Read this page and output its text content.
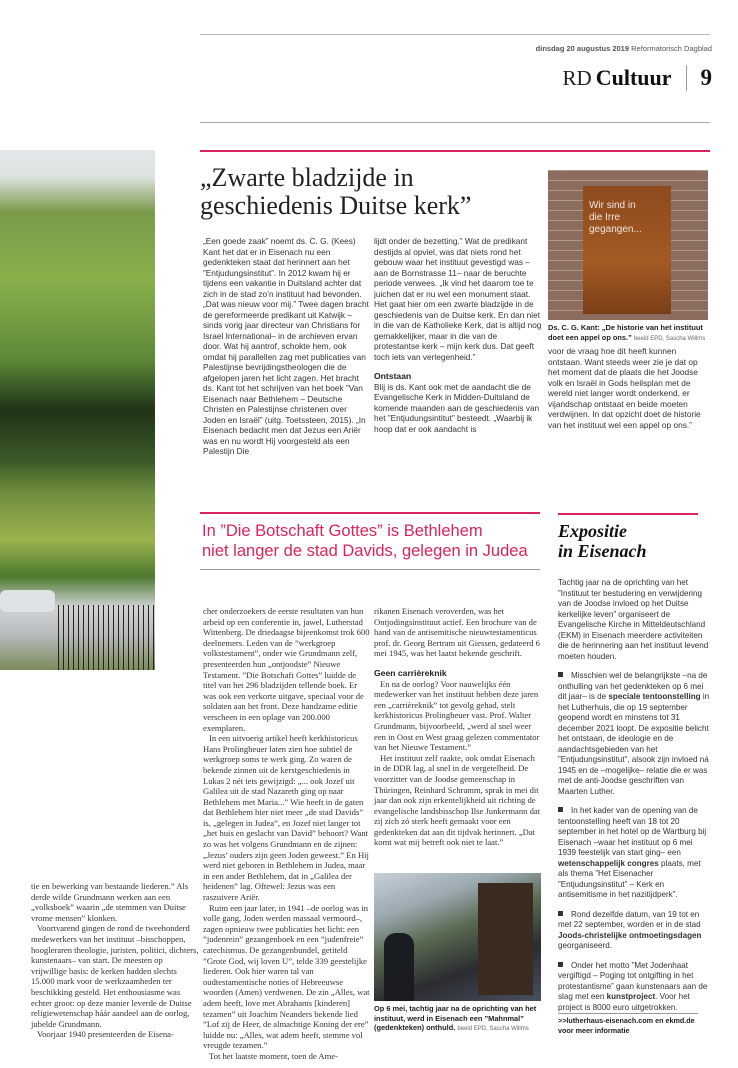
dinsdag 20 augustus 2019 Reformatorisch Dagblad
RD Cultuur 9
„Zwarte bladzijde in geschiedenis Duitse kerk”
„Een goede zaak” noemt ds. C. G. (Kees) Kant het dat er in Eisenach nu een gedenkteken staat dat herinnert aan het ”Entjudungsinstitut”. In 2012 kwam hij er tijdens een vakantie in Duitsland achter dat zich in de stad zo’n instituut had bevonden. „Dat was nieuw voor mij.” Twee dagen bracht de gereformeerde predikant uit Katwijk –sinds vorig jaar directeur van Christians for Israel International– in de archieven ervan door. Wat hij aantrof, schokte hem, ook omdat hij parallellen zag met publicaties van Palestijnse bevrijdingstheologen die de afgelopen jaren het licht zagen. Het bracht ds. Kant tot het schrijven van het boek ”Van Eisenach naar Bethlehem – Deutsche Christen en Palestijnse christenen over Joden en Israël” (uitg. Toetssteen, 2015). „In Eisenach bedacht men dat Jezus een Ariër was en nu wordt Hij voorgesteld als een Palestijn Die

lijdt onder de bezetting.” Wat de predikant destijds al opviel, was dat niets rond het gebouw waar het instituut gevestigd was –aan de Bornstrasse 11– naar de beruchte periode verwees. „Ik vind het daarom toe te juichen dat er nu wel een monument staat. Het gaat hier om een zwarte bladzijde in de geschiedenis van de Duitse kerk. En dan niet in die van de Katholieke Kerk, dat is altijd nog gemakkelijker, maar in die van de protestantse kerk – mijn kerk dus. Dat geeft toch iets van verlegenheid.”

Ontstaan

Blij is ds. Kant ook met de aandacht die de Evangelische Kerk in Midden-Duitsland de komende maanden aan de geschiedenis van het ”Entjudungsintitut” besteedt. „Waarbij ik hoop dat er ook aandacht is

Wir sind in die Irre gegangen...
Ds. C. G. Kant: „De historie van het instituut doet een appel op ons.” beeld EPD, Sascha Willms
voor de vraag hoe dit heeft kunnen ontstaan. Want steeds weer zie je dat op het moment dat de plaats die het Joodse volk en Israël in Gods heilsplan met de wereld niet langer wordt onderkend, er vijandschap ontstaat en beide moeten verdwijnen. In dat opzicht doet de historie van het instituut wel een appel op ons.”
In ”Die Botschaft Gottes” is Bethlehem
niet langer de stad Davids, gelegen in Judea

tie en bewerking van bestaande liederen.” Als derde wilde Grundmann werken aan een „volksboek” waarin „de stemmen van Duitse vrome mensen” klonken.

Voortvarend gingen de rond de tweehonderd medewerkers van het instituut –bisschoppen, hoogleraren theologie, juristen, politici, dichters, kunstenaars– van start. De meesten op vrijwillige basis: de kerken hadden slechts 15.000 mark voor de werkzaamheden ter beschikking gesteld. Het enthousiasme was echter groot: op deze manier leverde de Duitse religiewetenschap háár aandeel aan de oorlog, jubelde Grundmann.

Voorjaar 1940 presenteerden de Eisena-

cher onderzoekers de eerste resultaten van hun arbeid op een conferentie in, jawel, Lutherstad Wittenberg. De driedaagse bijeenkomst trok 600 deelnemers. Leden van de ”werkgroep volkstestament”, onder wie Grundmann zelf, presenteerden hun „ontjoodste” Nieuwe Testament. ”Die Botschaft Gottes” luidde de titel van het 296 bladzijden tellende boek. Er was ook een verkorte uitgave, speciaal voor de soldaten aan het front. Deze handzame editie verscheen in een oplage van 200.000 exemplaren.

In een uitvoerig artikel heeft kerkhistoricus Hans Prolingheuer laten zien hoe subtiel de werkgroep soms te werk ging. Zo waren de bekende zinnen uit de kerstgeschiedenis in Lukas 2 nét iets gewijzigd: „... ook Jozef uit Galilea uit de stad Nazareth ging op naar Bethlehem met Maria...” Wie heeft in de gaten dat Bethlehem hier niet meer „de stad Davids” is, „gelegen in Judea”, en Jozef niet langer tot „het huis en geslacht van David” behoort? Want zo was het volgens Grundmann en de zijnen: „Jezus’ ouders zijn geen Joden geweest.” En Hij werd niet geboren in Bethlehem in Judea, maar in een ander Bethlehem, dat in „Galilea der heidenen” lag. Oftewel: Jezus was een raszuivere Ariër.

Ruim een jaar later, in 1941 –de oorlog was in volle gang, Joden werden massaal vermoord–, zagen opnieuw twee publicaties het licht: een ”judenrein” gezangenboek en een ”judenfreie” catechismus. De gezangenbundel, getiteld ”Grote God, wij loven U”, telde 339 geestelijke liederen. Ook hier waren tal van oudtestamentische noties of Hebreeuwse woorden (Amen) verdwenen. De zin „Alles, wat adem heeft, love met Abrahams [kinderen] tezamen” uit Joachim Neanders bekende lied ”Lof zij de Heer, de almachtige Koning der ere” luidde nu: „Alles, wat adem heeft, stemme vol vreugde tezamen.”

Tot het laatste moment, toen de Ame-

rikanen Eisenach veroverden, was het Ontjodingsinstituut actief. Een brochure van de hand van de antisemitische nieuwtestamenticus prof. dr. Georg Bertram uit Giessen, gedateerd 6 mei 1945, was het laatst bekende geschrift.

Geen carrièreknik

En na de oorlog? Voor nauwelijks één medewerker van het instituut hebben deze jaren een „carrièreknik” tot gevolg gehad, stelt kerkhistoricus Prolingheuer vast. Prof. Walter Grundmann, bijvoorbeeld, „werd al snel weer een in Oost en West graag gelezen commentator van het Nieuwe Testament.”

Het instituut zelf raakte, ook omdat Eisenach in de DDR lag, al snel in de vergetelheid. De voorzitter van de Joodse gemeenschap in Thüringen, Reinhard Schramm, sprak in mei dit jaar dan ook zijn erkentelijkheid uit richting de evangelische landsbisschop Ilse Junkermann dat zij zich zó sterk heeft gemaakt voor een gedenkteken dat aan dit tijdvak herinnert. „Dat komt wat mij betreft ook niet te laat.”

Op 6 mei, tachtig jaar na de oprichting van het instituut, werd in Eisenach een ”Mahnmal” (gedenkteken) onthuld. beeld EPD, Sascha Willms
Expositie
in Eisenach

Tachtig jaar na de oprichting van het ”Instituut ter bestudering en verwijdering van de Joodse invloed op het Duitse kerkelijke leven” organiseert de Evangelische Kirche in Mitteldeutschland (EKM) in Eisenach meerdere activiteiten die de herinnering aan het instituut levend moeten houden.

Misschien wel de belangrijkste –na de onthulling van het gedenkteken op 6 mei dit jaar– is de speciale tentoonstelling in het Lutherhuis, die op 19 september geopend wordt en minstens tot 31 december 2021 loopt. De expositie belicht het ontstaan, de ideologie en de aandachtsgebieden van het ”Entjudungsinstitut”, alsook zijn invloed ná 1945 en de –mogelijke– relatie die er was met de anti-Joodse geschriften van Maarten Luther.

In het kader van de opening van de tentoonstelling heeft van 18 tot 20 september in het hotel op de Wartburg bij Eisenach –waar het instituut op 6 mei 1939 feestelijk van start ging– een wetenschappelijk congres plaats, met als thema ”Het Eisenacher ”Entjudungsinstitut” – Kerk en antisemitisme in het nazitijdperk”.

Rond dezelfde datum, van 19 tot en met 22 september, worden er in de stad Joods-christelijke ontmoetingsdagen georganiseerd.

Onder het motto ”Met Jodenhaat vergiftigd – Poging tot ontgifting in het protestantisme” gaan kunstenaars aan de slag met een kunstproject. Voor het project is 8000 euro uitgetrokken.

>>lutherhaus-eisenach.com en ekmd.de voor meer informatie
